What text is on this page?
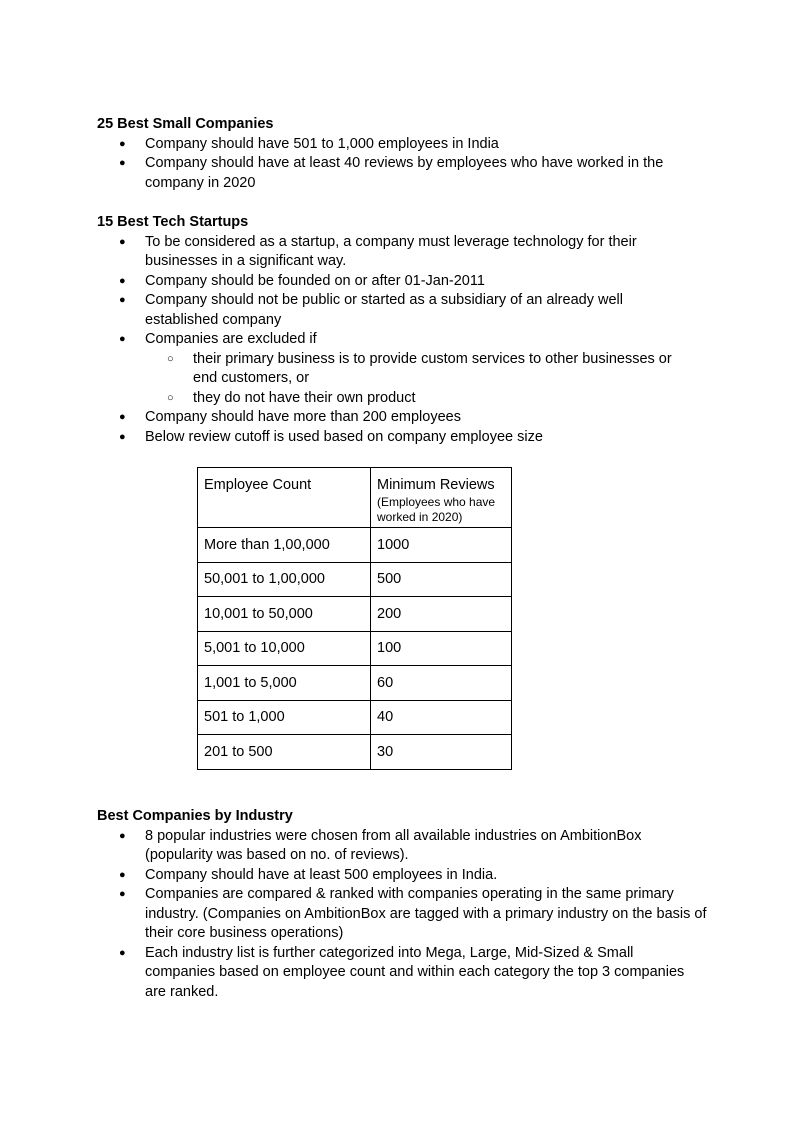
25 Best Small Companies
● Company should have 501 to 1,000 employees in India
● Company should have at least 40 reviews by employees who have worked in the company in 2020
15 Best Tech Startups
● To be considered as a startup, a company must leverage technology for their businesses in a significant way.
● Company should be founded on or after 01-Jan-2011
● Company should not be public or started as a subsidiary of an already well established company
● Companies are excluded if
○ their primary business is to provide custom services to other businesses or end customers, or
○ they do not have their own product
● Company should have more than 200 employees
● Below review cutoff is used based on company employee size
Employee Count	Minimum Reviews
(Employees who have worked in 2020)

More than 1,00,000	1000
50,001 to 1,00,000	500
10,001 to 50,000	200
5,001 to 10,000	100
1,001 to 5,000	60
501 to 1,000	40
201 to 500	30
Best Companies by Industry
● 8 popular industries were chosen from all available industries on AmbitionBox (popularity was based on no. of reviews).
● Company should have at least 500 employees in India.
● Companies are compared & ranked with companies operating in the same primary industry. (Companies on AmbitionBox are tagged with a primary industry on the basis of their core business operations)
● Each industry list is further categorized into Mega, Large, Mid-Sized & Small companies based on employee count and within each category the top 3 companies are ranked.
